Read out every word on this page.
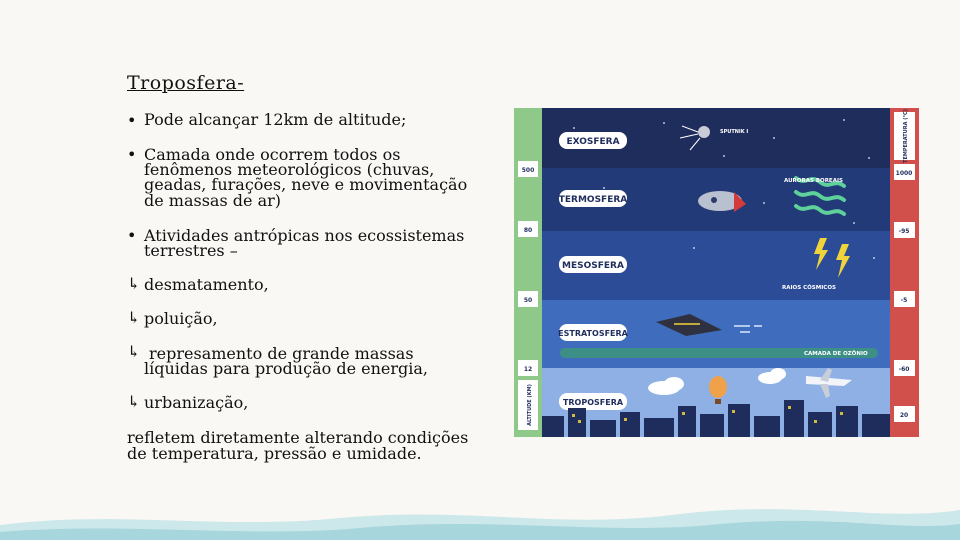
Troposfera-
• Pode alcançar 12km de altitude;
• Camada onde ocorrem todos os
fenômenos meteorológicos (chuvas,
geadas, furações, neve e movimentação
de massas de ar)
• Atividades antrópicas nos ecossistemas
terrestres –
↳ desmatamento,
↳ poluição,
↳ represamento de grande massas
líquidas para produção de energia,
↳ urbanização,
refletem diretamente alterando condições
de temperatura, pressão e umidade.
EXOSFERA
TERMOSFERA
MESOSFERA
ESTRATOSFERA
TROPOSFERA
SPUTNIK I
AURORAS BOREAIS
RAIOS CÓSMICOS
CAMADA DE OZÔNIO
500
80
50
12
ALTITUDE (KM)
TEMPERATURA (°C)
1000
-95
-5
-60
20
